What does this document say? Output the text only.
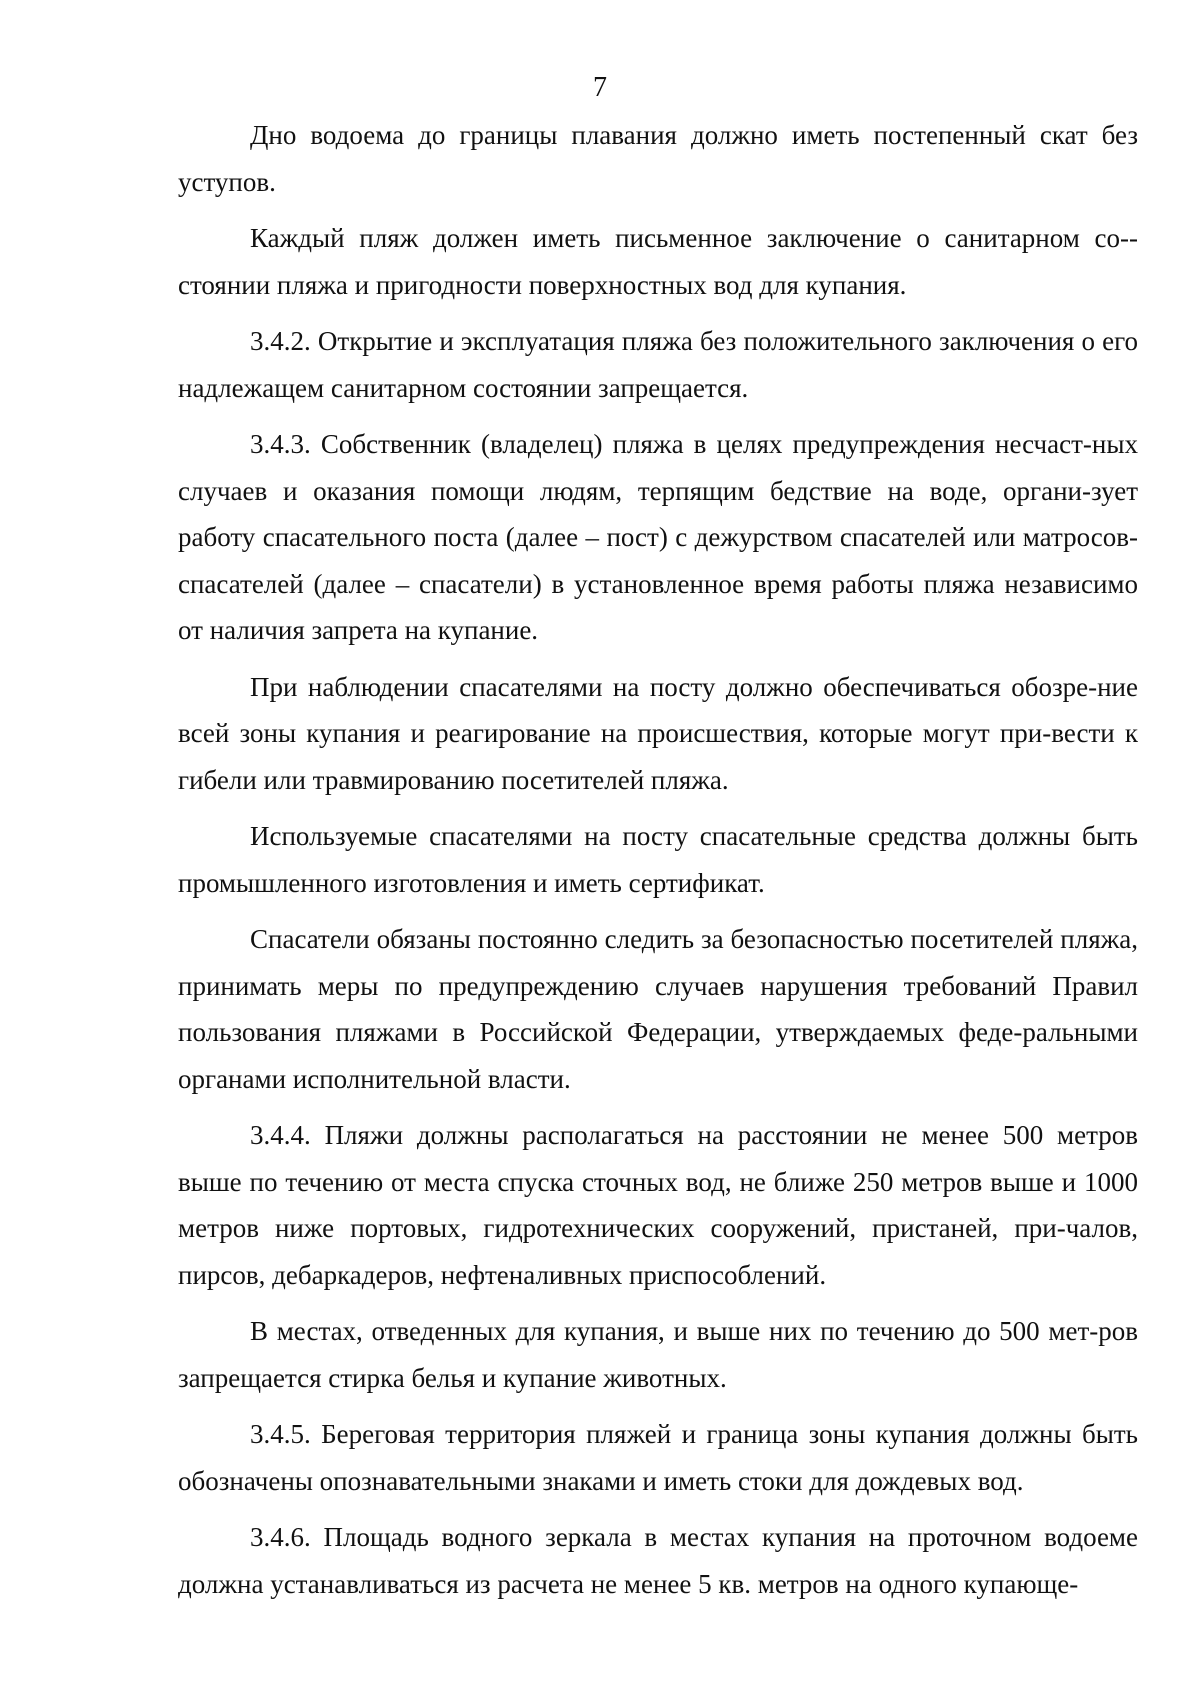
7

Дно водоема до границы плавания должно иметь постепенный скат без уступов.

Каждый пляж должен иметь письменное заключение о санитарном со-стоянии пляжа и пригодности поверхностных вод для купания.

3.4.2. Открытие и эксплуатация пляжа без положительного заключения о его надлежащем санитарном состоянии запрещается.

3.4.3. Собственник (владелец) пляжа в целях предупреждения несчаст-ных случаев и оказания помощи людям, терпящим бедствие на воде, органи-зует работу спасательного поста (далее – пост) с дежурством спасателей или матросов-спасателей (далее – спасатели) в установленное время работы пляжа независимо от наличия запрета на купание.

При наблюдении спасателями на посту должно обеспечиваться обозре-ние всей зоны купания и реагирование на происшествия, которые могут при-вести к гибели или травмированию посетителей пляжа.

Используемые спасателями на посту спасательные средства должны быть промышленного изготовления и иметь сертификат.

Спасатели обязаны постоянно следить за безопасностью посетителей пляжа, принимать меры по предупреждению случаев нарушения требований Правил пользования пляжами в Российской Федерации, утверждаемых феде-ральными органами исполнительной власти.

3.4.4. Пляжи должны располагаться на расстоянии не менее 500 метров выше по течению от места спуска сточных вод, не ближе 250 метров выше и 1000 метров ниже портовых, гидротехнических сооружений, пристаней, при-чалов, пирсов, дебаркадеров, нефтеналивных приспособлений.

В местах, отведенных для купания, и выше них по течению до 500 мет-ров запрещается стирка белья и купание животных.

3.4.5. Береговая территория пляжей и граница зоны купания должны быть обозначены опознавательными знаками и иметь стоки для дождевых вод.

3.4.6. Площадь водного зеркала в местах купания на проточном водоеме должна устанавливаться из расчета не менее 5 кв. метров на одного купающе-
